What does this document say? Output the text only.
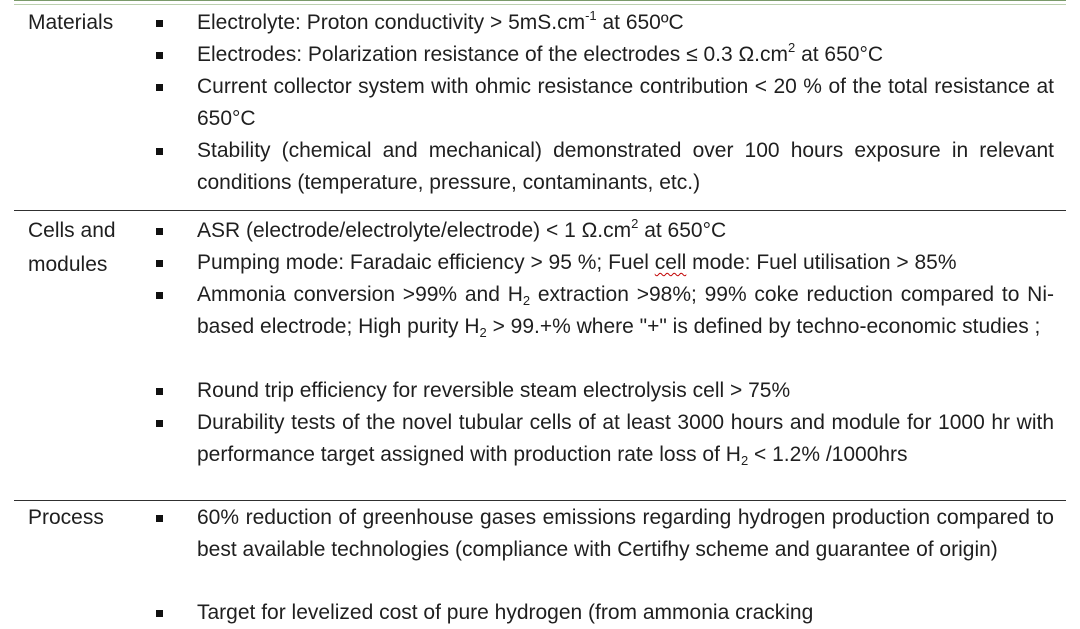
Materials	Electrolyte: Proton conductivity > $5mS.cm^{-1}$ at 650ºC
Electrodes: Polarization resistance of the electrodes ≤ 0.3 $\Omega.cm^2$ at 650°C
Current collector system with ohmic resistance contribution < 20 % of the total resistance at 650°C
Stability (chemical and mechanical) demonstrated over 100 hours exposure in relevant conditions (temperature, pressure, contaminants, etc.)
Cells and
modules
ASR (electrode/electrolyte/electrode) < 1 $\Omega.cm^2$ at 650°C
Pumping mode: Faradaic efficiency > 95 %; Fuel cell mode: Fuel utilisation > 85%
Ammonia conversion >99% and $H_2$ extraction >98%; 99% coke reduction compared to Ni-based electrode; High purity $H_2 > 99.+\%$ where "+" is defined by techno-economic studies ;
Round trip efficiency for reversible steam electrolysis cell > 75%
Durability tests of the novel tubular cells of at least 3000 hours and module for 1000 hr with performance target assigned with production rate loss of $H_2 < 1.2\%$ /1000hrs
Process	60% reduction of greenhouse gases emissions regarding hydrogen production compared to best available technologies (compliance with Certifhy scheme and guarantee of origin)
Target for levelized cost of pure hydrogen (from ammonia cracking
